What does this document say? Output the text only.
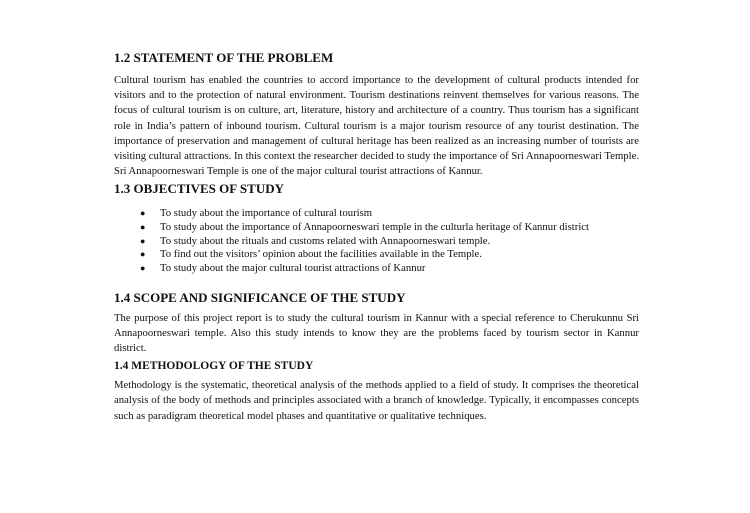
1.2 STATEMENT OF THE PROBLEM

Cultural tourism has enabled the countries to accord importance to the development of cultural products intended for visitors and to the protection of natural environment. Tourism destinations reinvent themselves for various reasons. The focus of cultural tourism is on culture, art, literature, history and architecture of a country. Thus tourism has a significant role in India’s pattern of inbound tourism. Cultural tourism is a major tourism resource of any tourist destination. The importance of preservation and management of cultural heritage has been realized as an increasing number of tourists are visiting cultural attractions. In this context the researcher decided to study the importance of Sri Annapoorneswari Temple. Sri Annapoorneswari Temple is one of the major cultural tourist attractions of Kannur.

1.3 OBJECTIVES OF STUDY
● To study about the importance of cultural tourism
● To study about the importance of Annapoorneswari temple in the culturla heritage of Kannur district
● To study about the rituals and customs related with Annapoorneswari temple.
● To find out the visitors’ opinion about the facilities available in the Temple.
● To study about the major cultural tourist attractions of Kannur
1.4 SCOPE AND SIGNIFICANCE OF THE STUDY

The purpose of this project report is to study the cultural tourism in Kannur with a special reference to Cherukunnu Sri Annapoorneswari temple. Also this study intends to know they are the problems faced by tourism sector in Kannur district.

1.4 METHODOLOGY OF THE STUDY

Methodology is the systematic, theoretical analysis of the methods applied to a field of study. It comprises the theoretical analysis of the body of methods and principles associated with a branch of knowledge. Typically, it encompasses concepts such as paradigram theoretical model phases and quantitative or qualitative techniques.
